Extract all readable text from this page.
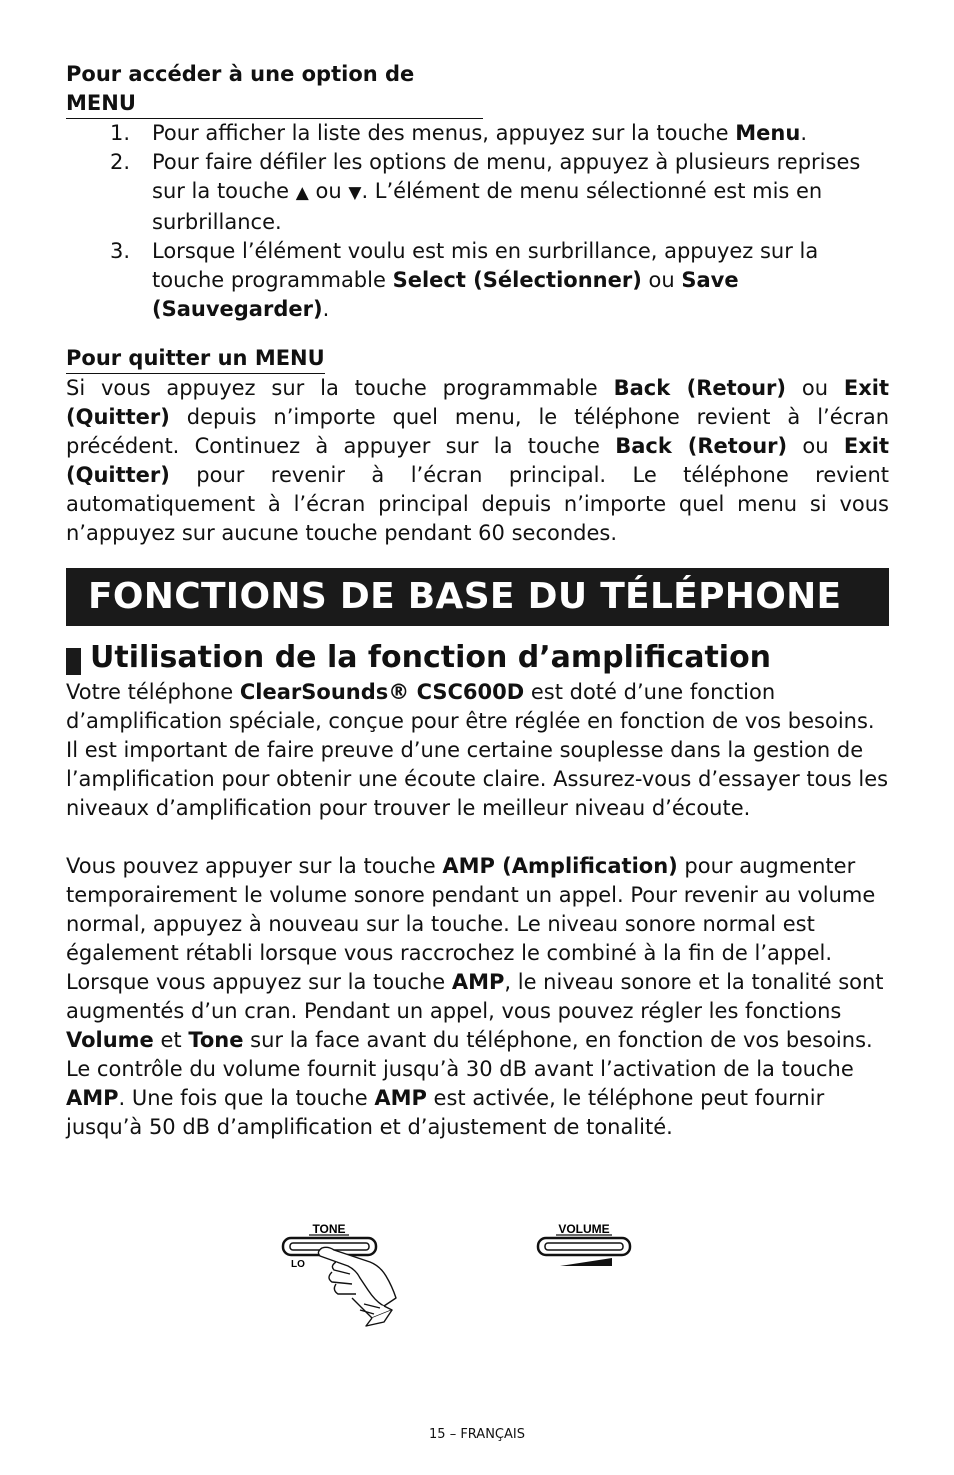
Pour accéder à une option de MENU
1. Pour afficher la liste des menus, appuyez sur la touche Menu.
2. Pour faire défiler les options de menu, appuyez à plusieurs reprises sur la touche ▲ ou ▼. L’élément de menu sélectionné est mis en surbrillance.
3. Lorsque l’élément voulu est mis en surbrillance, appuyez sur la touche programmable Select (Sélectionner) ou Save (Sauvegarder).
Pour quitter un MENU

Si vous appuyez sur la touche programmable Back (Retour) ou Exit (Quitter) depuis n’importe quel menu, le téléphone revient à l’écran précédent. Continuez à appuyer sur la touche Back (Retour) ou Exit (Quitter) pour revenir à l’écran principal. Le téléphone revient automatiquement à l’écran principal depuis n’importe quel menu si vous n’appuyez sur aucune touche pendant 60 secondes.

FONCTIONS DE BASE DU TÉLÉPHONE
Utilisation de la fonction d’amplification

Votre téléphone ClearSounds® CSC600D est doté d’une fonction d’amplification spéciale, conçue pour être réglée en fonction de vos besoins. Il est important de faire preuve d’une certaine souplesse dans la gestion de l’amplification pour obtenir une écoute claire. Assurez-vous d’essayer tous les niveaux d’amplification pour trouver le meilleur niveau d’écoute.

Vous pouvez appuyer sur la touche AMP (Amplification) pour augmenter temporairement le volume sonore pendant un appel. Pour revenir au volume normal, appuyez à nouveau sur la touche. Le niveau sonore normal est également rétabli lorsque vous raccrochez le combiné à la fin de l’appel. Lorsque vous appuyez sur la touche AMP, le niveau sonore et la tonalité sont augmentés d’un cran. Pendant un appel, vous pouvez régler les fonctions Volume et Tone sur la face avant du téléphone, en fonction de vos besoins. Le contrôle du volume fournit jusqu’à 30 dB avant l’activation de la touche AMP. Une fois que la touche AMP est activée, le téléphone peut fournir jusqu’à 50 dB d’amplification et d’ajustement de tonalité.

TONE
LO
VOLUME
15 – FRANÇAIS
